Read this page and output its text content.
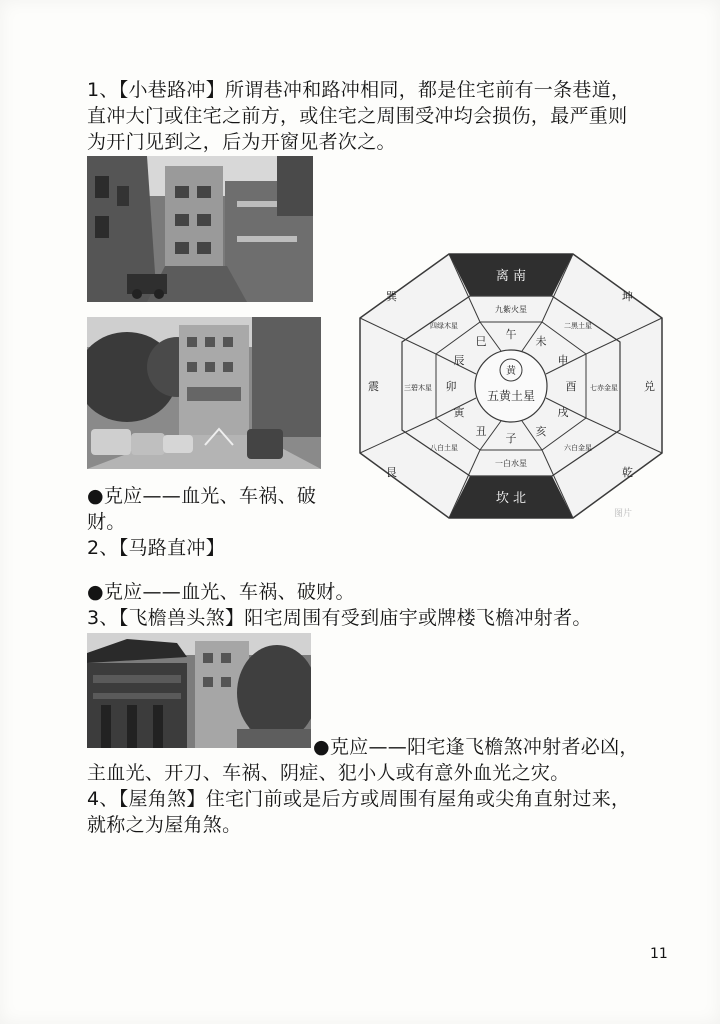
1、【小巷路冲】所谓巷冲和路冲相同，都是住宅前有一条巷道，
直冲大门或住宅之前方，或住宅之周围受冲均会损伤，最严重则
为开门见到之，后为开窗见者次之。
●克应——血光、车祸、破
财。
2、【马路直冲】
●克应——血光、车祸、破财。
3、【飞檐兽头煞】阳宅周围有受到庙宇或牌楼飞檐冲射者。
●克应——阳宅逢飞檐煞冲射者必凶，
主血光、开刀、车祸、阴症、犯小人或有意外血光之灾。
4、【屋角煞】住宅门前或是后方或周围有屋角或尖角直射过来，
就称之为屋角煞。
离 南
坎 北
坤
兑
乾
艮
震
巽
九紫火星
二黑土星
七赤金星
六白金星
一白水星
八白土星
三碧木星
四绿木星
午
未
申
酉
戌
亥
子
丑
寅
卯
辰
巳
黄
五黄土星
图片
11
